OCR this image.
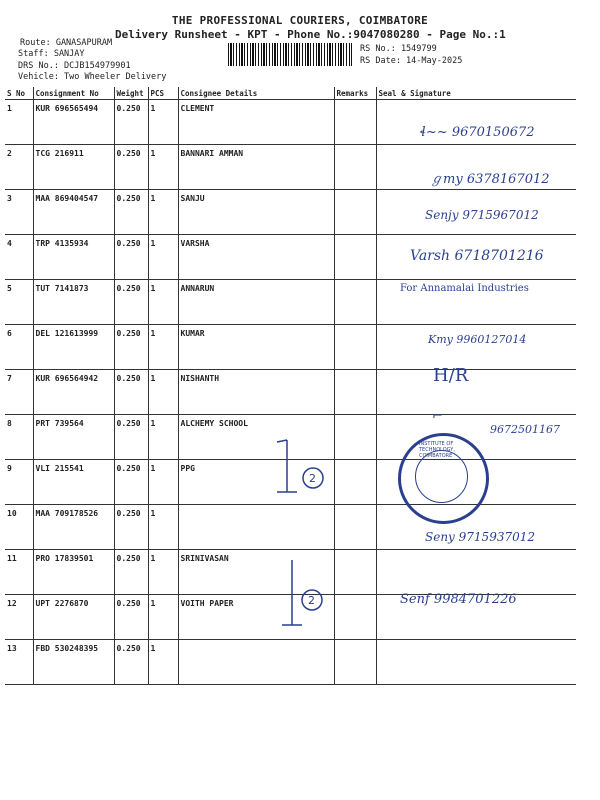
THE PROFESSIONAL COURIERS, COIMBATORE
Delivery Runsheet - KPT - Phone No.:9047080280 - Page No.:1
Route: GANASAPURAM
Staff: SANJAY
DRS No.: DCJB154979901
Vehicle: Two Wheeler Delivery
RS No.: 1549799
RS Date: 14-May-2025
S No	Consignment No	Weight	PCS	Consignee Details	Remarks	Seal & Signature
1	KUR 696565494	0.250	1	CLEMENT		
2	TCG 216911	0.250	1	BANNARI AMMAN		
3	MAA 869404547	0.250	1	SANJU		
4	TRP 4135934	0.250	1	VARSHA		
5	TUT 7141873	0.250	1	ANNARUN		
6	DEL 121613999	0.250	1	KUMAR		
7	KUR 696564942	0.250	1	NISHANTH		
8	PRT 739564	0.250	1	ALCHEMY SCHOOL		
9	VLI 215541	0.250	1	PPG		
10	MAA 709178526	0.250	1			
11	PRO 17839501	0.250	1	SRINIVASAN		
12	UPT 2276870	0.250	1	VOITH PAPER		
13	FBD 530248395	0.250	1			
ɬ~~ 9670150672
ℊmy 6378167012
Senjy 9715967012
Varsh 6718701216
For Annamalai Industries
Kmy 9960127014
H/R
⌐
9672501167
Seny 9715937012
Senf 9984701226
2
2
INSTITUTE OF TECHNOLOGY, COIMBATORE
